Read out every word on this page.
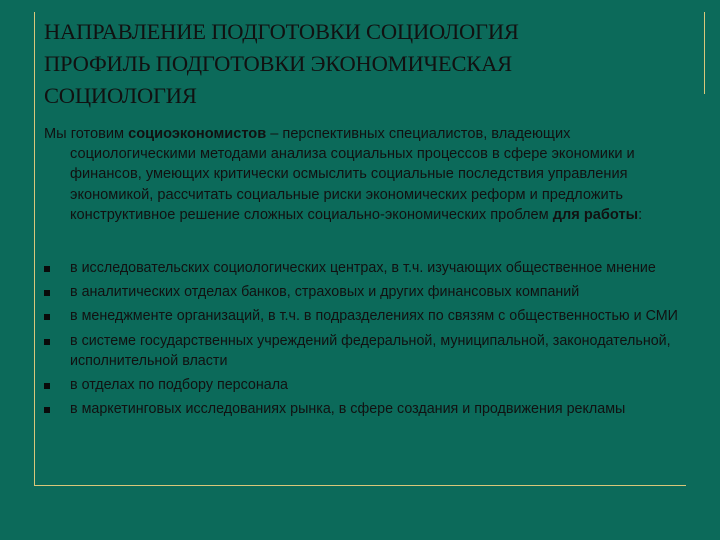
НАПРАВЛЕНИЕ ПОДГОТОВКИ СОЦИОЛОГИЯ
ПРОФИЛЬ ПОДГОТОВКИ ЭКОНОМИЧЕСКАЯ
СОЦИОЛОГИЯ
Мы готовим социоэкономистов – перспективных специалистов, владеющих
социологическими методами анализа социальных процессов в сфере экономики и финансов, умеющих критически осмыслить социальные последствия управления экономикой, рассчитать социальные риски экономических реформ и предложить конструктивное решение сложных социально-экономических проблем для работы:
в исследовательских социологических центрах, в т.ч. изучающих общественное мнение
в аналитических отделах банков, страховых и других финансовых компаний
в менеджменте организаций, в т.ч. в подразделениях по связям с общественностью и СМИ
в системе государственных учреждений федеральной, муниципальной, законодательной, исполнительной власти
в отделах по подбору персонала
в маркетинговых исследованиях рынка, в сфере создания и продвижения рекламы
